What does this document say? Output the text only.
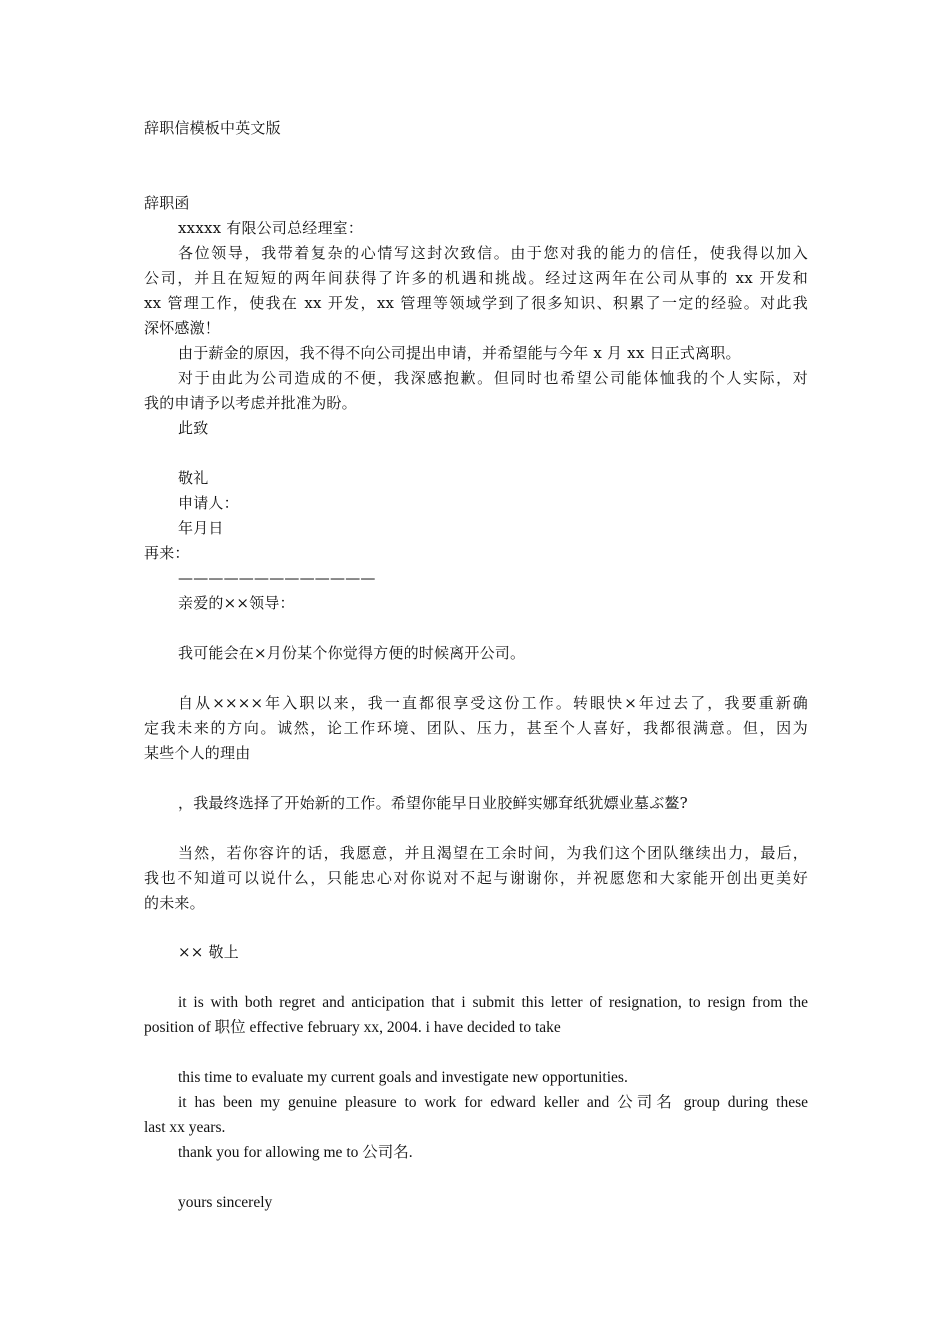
辞职信模板中英文版
辞职函
xxxxx 有限公司总经理室：
各位领导，我带着复杂的心情写这封次致信。由于您对我的能力的信任，使我得以加入
公司，并且在短短的两年间获得了许多的机遇和挑战。经过这两年在公司从事的 xx 开发和
xx 管理工作，使我在 xx 开发，xx 管理等领域学到了很多知识、积累了一定的经验。对此我
深怀感激！
由于薪金的原因，我不得不向公司提出申请，并希望能与今年 x 月 xx 日正式离职。
对于由此为公司造成的不便，我深感抱歉。但同时也希望公司能体恤我的个人实际，对
我的申请予以考虑并批准为盼。
此致
敬礼
申请人：
年月日
再来：
—————————————
亲爱的××领导：
我可能会在×月份某个你觉得方便的时候离开公司。
自从××××年入职以来，我一直都很享受这份工作。转眼快×年过去了，我要重新确
定我未来的方向。诚然，论工作环境、团队、压力，甚至个人喜好，我都很满意。但，因为
某些个人的理由
，我最终选择了开始新的工作。希望你能早日业胶鲜实娜耷纸犹嫖业墓ぶ鳌?
当然，若你容许的话，我愿意，并且渴望在工余时间，为我们这个团队继续出力，最后，
我也不知道可以说什么，只能忠心对你说对不起与谢谢你，并祝愿您和大家能开创出更美好
的未来。
×× 敬上
it is with both regret and anticipation that i submit this letter of resignation, to resign from the
position of 职位 effective february xx, 2004. i have decided to take
this time to evaluate my current goals and investigate new opportunities.
it has been my genuine pleasure to work for edward keller and 公司名 group during these
last xx years.
thank you for allowing me to 公司名.
yours sincerely
